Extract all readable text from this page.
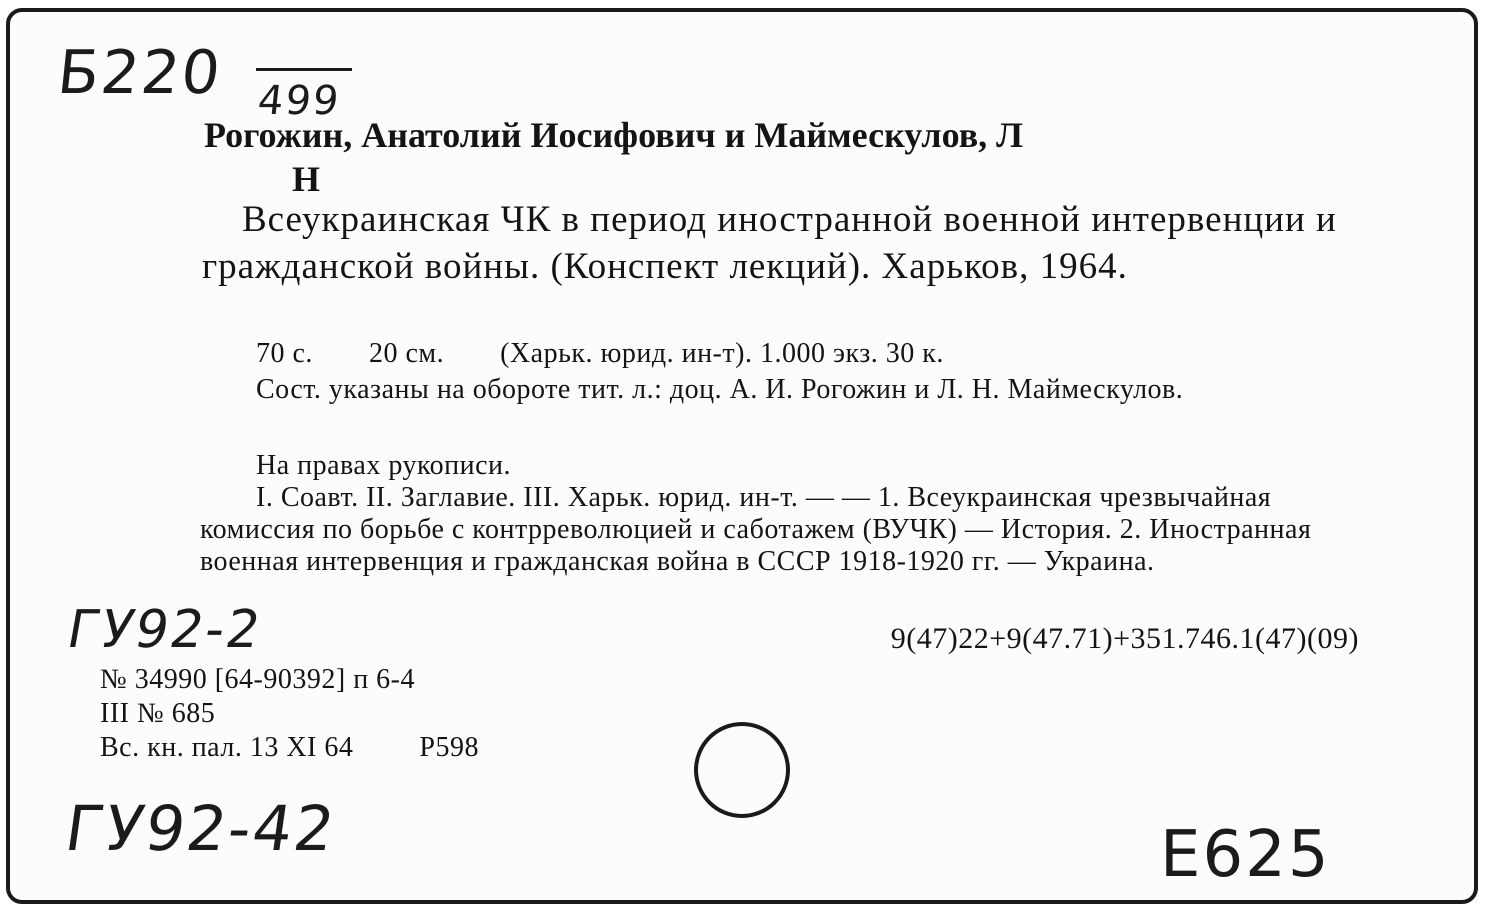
Б220 499
Рогожин, Анатолий Иосифович и Маймескулов, Л
Н
Всеукраинская ЧК в период иностранной военной интервенции и гражданской войны. (Конспект лекций). Харьков, 1964.
70 с. 20 см. (Харьк. юрид. ин-т). 1.000 экз. 30 к.
Сост. указаны на обороте тит. л.: доц. А. И. Рогожин и Л. Н. Маймескулов.
На правах рукописи.
I. Соавт. II. Заглавие. III. Харьк. юрид. ин-т. — — 1. Всеукраинская чрезвычайная комиссия по борьбе с контрреволюцией и саботажем (ВУЧК) — История. 2. Иностранная военная интервенция и гражданская война в СССР 1918-1920 гг. — Украина.
9(47)22+9(47.71)+351.746.1(47)(09)
ГУ92-2
№ 34990 [64-90392] п 6-4
III № 685
Вс. кн. пал. 13 XI 64 Р598
ГУ92-42	Е625
